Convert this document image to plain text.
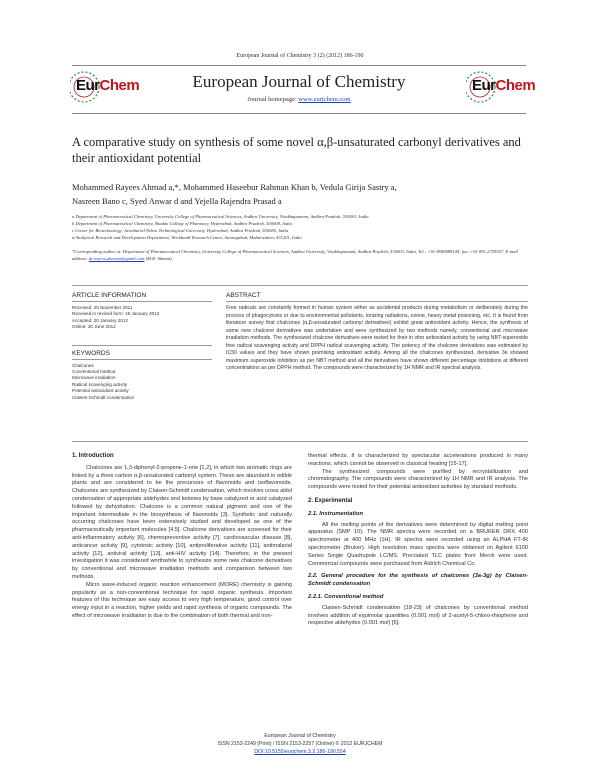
European Journal of Chemistry 3 (2) (2012) 186-190
EurChem	European Journal of Chemistry
Journal homepage: www.eurjchem.com
EurChem
A comparative study on synthesis of some novel α,β-unsaturated carbonyl derivatives and their antioxidant potential
Mohammed Rayees Ahmad a,*, Mohammed Haseebur Rahman Khan b, Vedula Girija Sastry a,
Nasreen Bano c, Syed Anwar d and Yejella Rajendra Prasad a
a Department of Pharmaceutical Chemistry, University College of Pharmaceutical Sciences, Andhra University, Visakhapatnam, Andhra Pradesh, 530003, India
b Department of Pharmaceutical Chemistry, Shadan College of Pharmacy, Hyderabad, Andhra Pradesh, 500008, India
c Center for Biotechnology, Jawaharlal Nehru Technological University, Hyderabad, Andhra Pradesh, 500085, India
d Analytical Research and Development Department, Wockhardt Research Center, Aurangabad, Maharashtra, 431201, India
*Corresponding author at: Department of Pharmaceutical Chemistry, University College of Pharmaceutical Sciences, Andhra University, Visakhapatnam, Andhra Pradesh, 530003, India. Tel.: +91.9849489144; fax: +91.891.2755547. E-mail address: dr.rayees.pharma@gmail.com (M.R. Ahmad).
ARTICLE INFORMATION
Received: 25 November 2011
Received in revised form: 19 January 2012
Accepted: 20 January 2012
Online: 30 June 2012
KEYWORDS
Chalcones
Conventional method
Microwave irradiation
Radical scavenging activity
Potential antioxidant activity
Claisen-Schmidt condensation
ABSTRACT
Free radicals are constantly formed in human system either as accidental products during metabolism or deliberately during the process of phagocytosis or due to environmental pollutants, ionizing radiations, ozone, heavy metal poisoning, etc. It is found from literature survey that chalcones (α,β-unsaturated carbonyl derivatives) exhibit great antioxidant activity. Hence, the synthesis of some new chalcone derivatives was undertaken and were synthesized by two methods namely, conventional and microwave irradiation methods. The synthesized chalcone derivatives were tested for their in vitro antioxidant activity by using NBT-superoxide free radical scavenging activity and DPPH radical scavenging activity. The potency of the chalcone derivatives was estimated by IC50 values and they have shown promising antioxidant activity. Among all the chalcones synthesized, derivative 3e showed maximum superoxide inhibition as per NBT method and all the derivatives have shown different percentage inhibitions at different concentrations as per DPPH method. The compounds were characterized by 1H NMR and IR spectral analysis.
1. Introduction

Chalcones are 1,3-diphenyl-2-propene-1-one [1,2], in which two aromatic rings are linked by a three carbon α,β-unsaturated carbonyl system. These are abundant in edible plants and are considered to be the precursors of flavonoids and isoflavonoids. Chalcones are synthesized by Claisen-Schmidt condensation, which involves cross aldol condensation of appropriate aldehydes and ketones by base catalyzed or acid catalyzed followed by dehydration. Chalcone is a common natural pigment and one of the important intermediate in the biosynthesis of flavonoids [3]. Synthetic and naturally occurring chalcones have been extensively studied and developed as one of the pharmaceutically important molecules [4,5]. Chalcone derivatives are screened for their anti-inflammatory activity [6], chemopreventive activity [7], cardiovascular disease [8], anticancer activity [9], cytotoxic activity [10], antiproliferative activity [11], antimalarial activity [12], antiviral activity [13], anti-HIV activity [14]. Therefore, in the present investigation it was considered worthwhile to synthesize some new chalcone derivatives by conventional and microwave irradiation methods and comparison between two methods.

Micro wave-induced organic reaction enhancement (MORE) chemistry is gaining popularity as a non-conventional technique for rapid organic synthesis. Important features of this technique are easy access to very high temperature, good control over energy input in a reaction, higher yields and rapid synthesis of organic compounds. The effect of microwave irradiation is due to the combination of both thermal and non-

thermal effects. It is characterized by spectacular accelerations produced in many reactions, which cannot be observed in classical heating [15-17].

The synthesized compounds were purified by recrystallization and chromatography. The compounds were characterized by 1H NMR and IR analysis. The compounds were tested for their potential antioxidant activities by standard methods.

2. Experimental
2.1. Instrumentation

All the melting points of the derivatives were determined by digital melting point apparatus (SMP 10). The NMR spectra were recorded on a BRUKER DRX 400 spectrometer at 400 MHz (1H). IR spectra were recorded using an ALPHA FT-IR spectrometer (Bruker). High resolution mass spectra were obtained on Agilent 6100 Series Single Quadrupole LC/MS. Precoated TLC plates from Merck were used. Commercial compounds were purchased from Aldrich Chemical Co.

2.2. General procedure for the synthesis of chalcones (3a-3g) by Claisen-Schmidt condensation
2.2.1. Conventional method

Claisen-Schmidt condensation [18-23] of chalcones by conventional method involves addition of equimolar quantities (0.001 mol) of 2-acetyl-5-chloro-thiophene and respective aldehydes (0.001 mol) [5].

European Journal of Chemistry
ISSN 2153-2249 (Print) / ISSN 2153-2257 (Online) © 2012 EURJCHEM
DOI:10.5155/eurjchem.3.2.186-190.554
